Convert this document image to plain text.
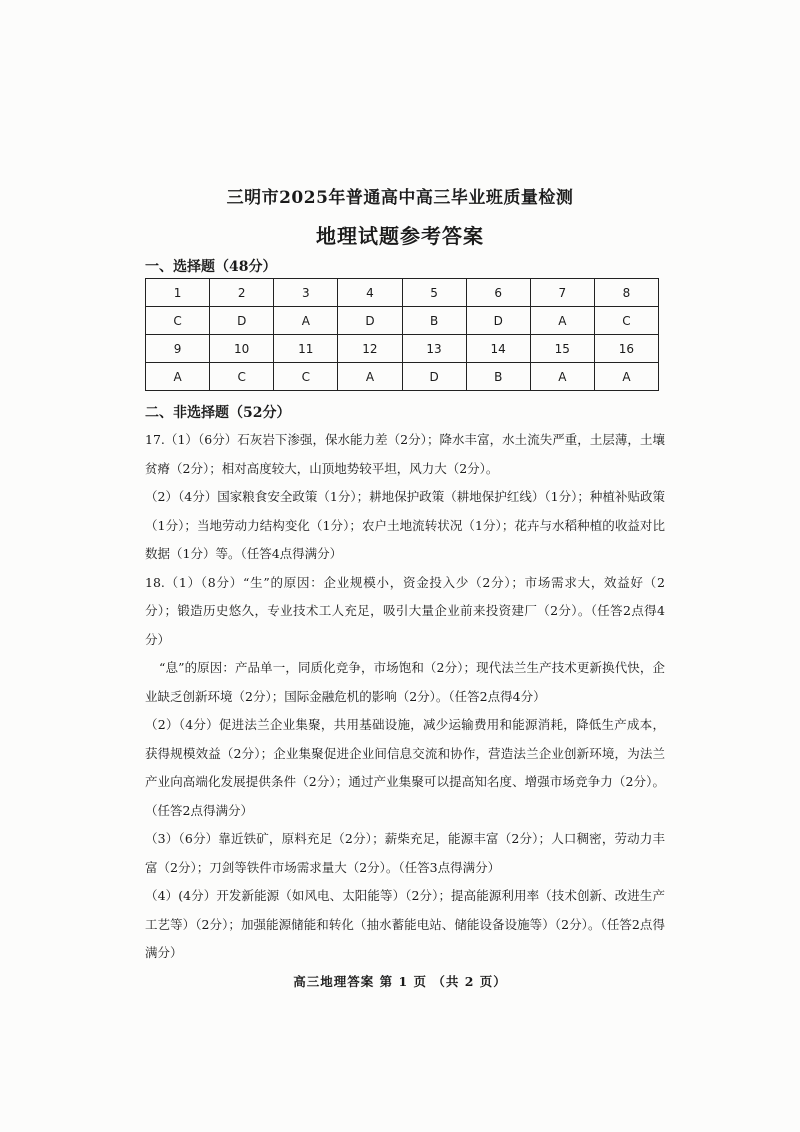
三明市2025年普通高中高三毕业班质量检测
地理试题参考答案
一、选择题（48分）
1	2	3	4	5	6	7	8
C	D	A	D	B	D	A	C
9	10	11	12	13	14	15	16
A	C	C	A	D	B	A	A
二、非选择题（52分）

17.（1）（6分）石灰岩下渗强，保水能力差（2分）；降水丰富，水土流失严重，土层薄，土壤贫瘠（2分）；相对高度较大，山顶地势较平坦，风力大（2分）。

（2）（4分）国家粮食安全政策（1分）；耕地保护政策（耕地保护红线）（1分）；种植补贴政策（1分）；当地劳动力结构变化（1分）；农户土地流转状况（1分）；花卉与水稻种植的收益对比数据（1分）等。（任答4点得满分）

18.（1）（8分）“生”的原因：企业规模小，资金投入少（2分）；市场需求大，效益好（2分）；锻造历史悠久，专业技术工人充足，吸引大量企业前来投资建厂（2分）。（任答2点得4分）

“息”的原因：产品单一，同质化竞争，市场饱和（2分）；现代法兰生产技术更新换代快，企业缺乏创新环境（2分）；国际金融危机的影响（2分）。（任答2点得4分）

（2）（4分）促进法兰企业集聚，共用基础设施，减少运输费用和能源消耗，降低生产成本，获得规模效益（2分）；企业集聚促进企业间信息交流和协作，营造法兰企业创新环境，为法兰产业向高端化发展提供条件（2分）；通过产业集聚可以提高知名度、增强市场竞争力（2分）。（任答2点得满分）

（3）（6分）靠近铁矿，原料充足（2分）；薪柴充足，能源丰富（2分）；人口稠密，劳动力丰富（2分）；刀剑等铁件市场需求量大（2分）。（任答3点得满分）

（4）(4分）开发新能源（如风电、太阳能等）（2分）；提高能源利用率（技术创新、改进生产工艺等）（2分）；加强能源储能和转化（抽水蓄能电站、储能设备设施等）（2分）。（任答2点得满分）

高三地理答案 第 1 页 （共 2 页）
